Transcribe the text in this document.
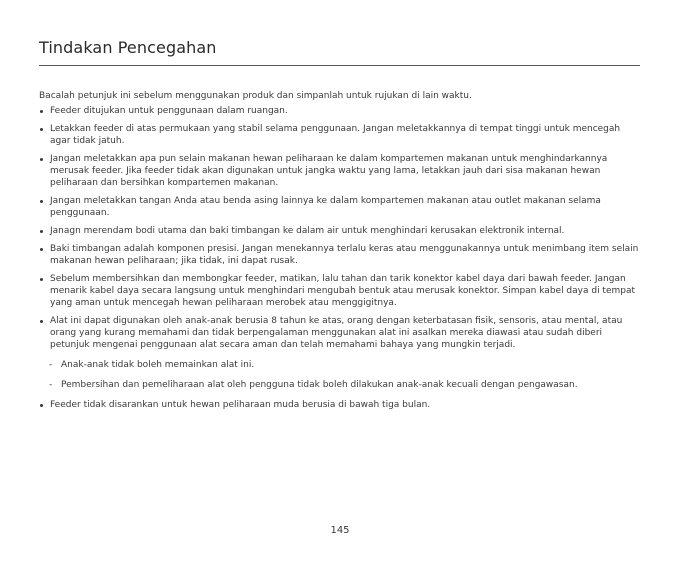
Tindakan Pencegahan

Bacalah petunjuk ini sebelum menggunakan produk dan simpanlah untuk rujukan di lain waktu.

Feeder ditujukan untuk penggunaan dalam ruangan.
Letakkan feeder di atas permukaan yang stabil selama penggunaan. Jangan meletakkannya di tempat tinggi untuk mencegah agar tidak jatuh.
Jangan meletakkan apa pun selain makanan hewan peliharaan ke dalam kompartemen makanan untuk menghindarkannya merusak feeder. Jika feeder tidak akan digunakan untuk jangka waktu yang lama, letakkan jauh dari sisa makanan hewan peliharaan dan bersihkan kompartemen makanan.
Jangan meletakkan tangan Anda atau benda asing lainnya ke dalam kompartemen makanan atau outlet makanan selama penggunaan.
Janagn merendam bodi utama dan baki timbangan ke dalam air untuk menghindari kerusakan elektronik internal.
Baki timbangan adalah komponen presisi. Jangan menekannya terlalu keras atau menggunakannya untuk menimbang item selain makanan hewan peliharaan; jika tidak, ini dapat rusak.
Sebelum membersihkan dan membongkar feeder, matikan, lalu tahan dan tarik konektor kabel daya dari bawah feeder. Jangan menarik kabel daya secara langsung untuk menghindari mengubah bentuk atau merusak konektor. Simpan kabel daya di tempat yang aman untuk mencegah hewan peliharaan merobek atau menggigitnya.
Alat ini dapat digunakan oleh anak-anak berusia 8 tahun ke atas, orang dengan keterbatasan fisik, sensoris, atau mental, atau orang yang kurang memahami dan tidak berpengalaman menggunakan alat ini asalkan mereka diawasi atau sudah diberi petunjuk mengenai penggunaan alat secara aman dan telah memahami bahaya yang mungkin terjadi.
- Anak-anak tidak boleh memainkan alat ini.
- Pembersihan dan pemeliharaan alat oleh pengguna tidak boleh dilakukan anak-anak kecuali dengan pengawasan.
Feeder tidak disarankan untuk hewan peliharaan muda berusia di bawah tiga bulan.
145
